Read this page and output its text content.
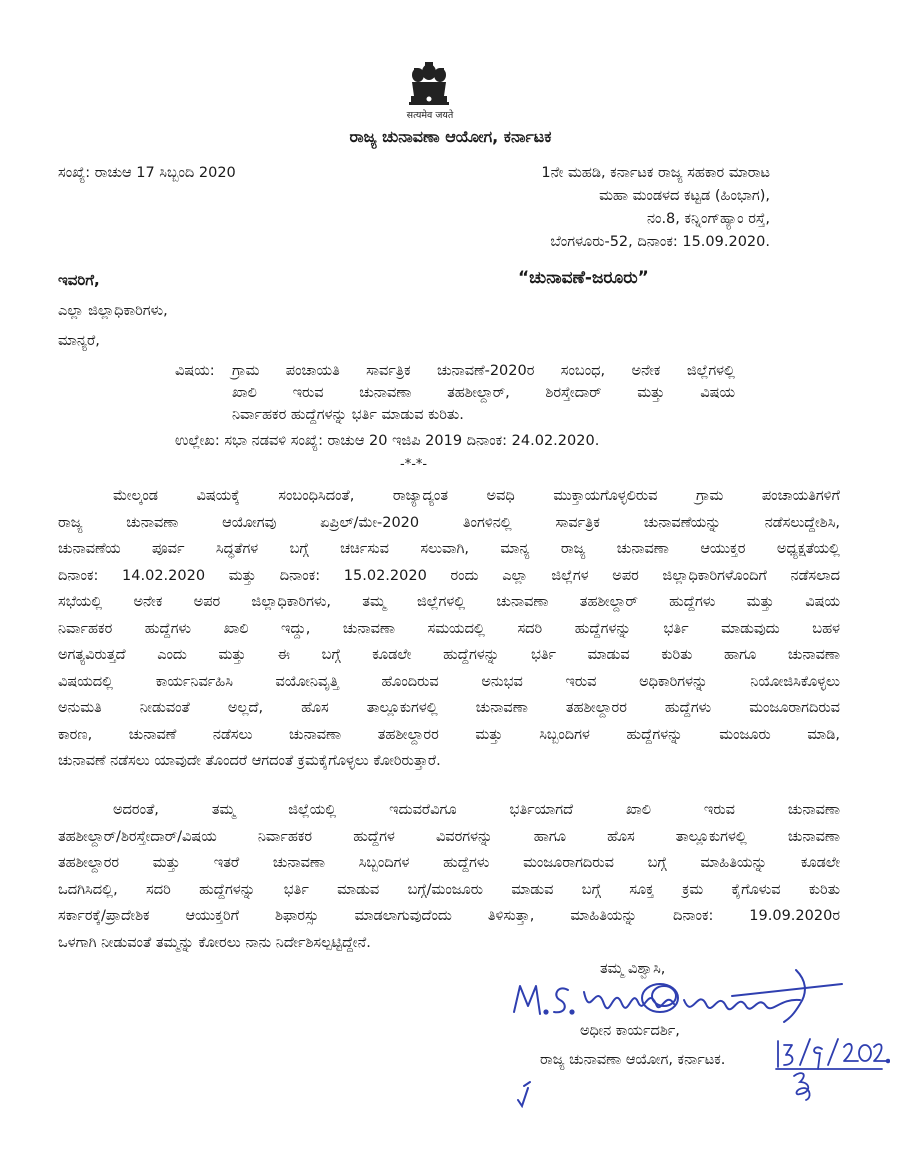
सत्यमेव जयते
ರಾಜ್ಯ ಚುನಾವಣಾ ಆಯೋಗ, ಕರ್ನಾಟಕ
ಸಂಖ್ಯೆ: ರಾಚುಆ 17 ಸಿಬ್ಬಂದಿ 2020	1ನೇ ಮಹಡಿ, ಕರ್ನಾಟಕ ರಾಜ್ಯ ಸಹಕಾರ ಮಾರಾಟ
ಮಹಾ ಮಂಡಳದ ಕಟ್ಟಡ (ಹಿಂಭಾಗ),
ನಂ.8, ಕನ್ನಿಂಗ್‌ಹ್ಯಾಂ ರಸ್ತೆ,
ಬೆಂಗಳೂರು-52, ದಿನಾಂಕ: 15.09.2020.
ಇವರಿಗೆ,	“ಚುನಾವಣೆ-ಜರೂರು”
ಎಲ್ಲಾ ಜಿಲ್ಲಾಧಿಕಾರಿಗಳು,
ಮಾನ್ಯರೆ,
ವಿಷಯ:	ಗ್ರಾಮ ಪಂಚಾಯತಿ ಸಾರ್ವತ್ರಿಕ ಚುನಾವಣೆ-2020ರ ಸಂಬಂಧ, ಅನೇಕ ಜಿಲ್ಲೆಗಳಲ್ಲಿ
ಖಾಲಿ ಇರುವ ಚುನಾವಣಾ ತಹಶೀಲ್ದಾರ್, ಶಿರಸ್ತೇದಾರ್ ಮತ್ತು ವಿಷಯ
ನಿರ್ವಾಹಕರ ಹುದ್ದೆಗಳನ್ನು ಭರ್ತಿ ಮಾಡುವ ಕುರಿತು.
ಉಲ್ಲೇಖ: ಸಭಾ ನಡವಳಿ ಸಂಖ್ಯೆ: ರಾಚುಆ 20 ಇಜಿಪಿ 2019 ದಿನಾಂಕ: 24.02.2020.
-*-*-
ಮೇಲ್ಕಂಡ ವಿಷಯಕ್ಕೆ ಸಂಬಂಧಿಸಿದಂತೆ, ರಾಜ್ಯಾದ್ಯಂತ ಅವಧಿ ಮುಕ್ತಾಯಗೊಳ್ಳಲಿರುವ ಗ್ರಾಮ ಪಂಚಾಯತಿಗಳಿಗೆ
ರಾಜ್ಯ ಚುನಾವಣಾ ಆಯೋಗವು ಏಪ್ರಿಲ್/ಮೇ-2020 ತಿಂಗಳಿನಲ್ಲಿ ಸಾರ್ವತ್ರಿಕ ಚುನಾವಣೆಯನ್ನು ನಡೆಸಲುದ್ದೇಶಿಸಿ,
ಚುನಾವಣೆಯ ಪೂರ್ವ ಸಿದ್ಧತೆಗಳ ಬಗ್ಗೆ ಚರ್ಚಿಸುವ ಸಲುವಾಗಿ, ಮಾನ್ಯ ರಾಜ್ಯ ಚುನಾವಣಾ ಆಯುಕ್ತರ ಅಧ್ಯಕ್ಷತೆಯಲ್ಲಿ
ದಿನಾಂಕ: 14.02.2020 ಮತ್ತು ದಿನಾಂಕ: 15.02.2020 ರಂದು ಎಲ್ಲಾ ಜಿಲ್ಲೆಗಳ ಅಪರ ಜಿಲ್ಲಾಧಿಕಾರಿಗಳೊಂದಿಗೆ ನಡೆಸಲಾದ
ಸಭೆಯಲ್ಲಿ ಅನೇಕ ಅಪರ ಜಿಲ್ಲಾಧಿಕಾರಿಗಳು, ತಮ್ಮ ಜಿಲ್ಲೆಗಳಲ್ಲಿ ಚುನಾವಣಾ ತಹಶೀಲ್ದಾರ್ ಹುದ್ದೆಗಳು ಮತ್ತು ವಿಷಯ
ನಿರ್ವಾಹಕರ ಹುದ್ದೆಗಳು ಖಾಲಿ ಇದ್ದು, ಚುನಾವಣಾ ಸಮಯದಲ್ಲಿ ಸದರಿ ಹುದ್ದೆಗಳನ್ನು ಭರ್ತಿ ಮಾಡುವುದು ಬಹಳ
ಅಗತ್ಯವಿರುತ್ತದೆ ಎಂದು ಮತ್ತು ಈ ಬಗ್ಗೆ ಕೂಡಲೇ ಹುದ್ದೆಗಳನ್ನು ಭರ್ತಿ ಮಾಡುವ ಕುರಿತು ಹಾಗೂ ಚುನಾವಣಾ
ವಿಷಯದಲ್ಲಿ ಕಾರ್ಯನಿರ್ವಹಿಸಿ ವಯೋನಿವೃತ್ತಿ ಹೊಂದಿರುವ ಅನುಭವ ಇರುವ ಅಧಿಕಾರಿಗಳನ್ನು ನಿಯೋಜಿಸಿಕೊಳ್ಳಲು
ಅನುಮತಿ ನೀಡುವಂತೆ ಅಲ್ಲದೆ, ಹೊಸ ತಾಲ್ಲೂಕುಗಳಲ್ಲಿ ಚುನಾವಣಾ ತಹಶೀಲ್ದಾರರ ಹುದ್ದೆಗಳು ಮಂಜೂರಾಗದಿರುವ
ಕಾರಣ, ಚುನಾವಣೆ ನಡೆಸಲು ಚುನಾವಣಾ ತಹಶೀಲ್ದಾರರ ಮತ್ತು ಸಿಬ್ಬಂದಿಗಳ ಹುದ್ದೆಗಳನ್ನು ಮಂಜೂರು ಮಾಡಿ,
ಚುನಾವಣೆ ನಡೆಸಲು ಯಾವುದೇ ತೊಂದರೆ ಆಗದಂತೆ ಕ್ರಮಕೈಗೊಳ್ಳಲು ಕೋರಿರುತ್ತಾರೆ.
ಅದರಂತೆ, ತಮ್ಮ ಜಿಲ್ಲೆಯಲ್ಲಿ ಇದುವರೆವಿಗೂ ಭರ್ತಿಯಾಗದೆ ಖಾಲಿ ಇರುವ ಚುನಾವಣಾ
ತಹಶೀಲ್ದಾರ್/ಶಿರಸ್ತೇದಾರ್/ವಿಷಯ ನಿರ್ವಾಹಕರ ಹುದ್ದೆಗಳ ವಿವರಗಳನ್ನು ಹಾಗೂ ಹೊಸ ತಾಲ್ಲೂಕುಗಳಲ್ಲಿ ಚುನಾವಣಾ
ತಹಶೀಲ್ದಾರರ ಮತ್ತು ಇತರೆ ಚುನಾವಣಾ ಸಿಬ್ಬಂದಿಗಳ ಹುದ್ದೆಗಳು ಮಂಜೂರಾಗದಿರುವ ಬಗ್ಗೆ ಮಾಹಿತಿಯನ್ನು ಕೂಡಲೇ
ಒದಗಿಸಿದಲ್ಲಿ, ಸದರಿ ಹುದ್ದೆಗಳನ್ನು ಭರ್ತಿ ಮಾಡುವ ಬಗ್ಗೆ/ಮಂಜೂರು ಮಾಡುವ ಬಗ್ಗೆ ಸೂಕ್ತ ಕ್ರಮ ಕೈಗೊಳುವ ಕುರಿತು
ಸರ್ಕಾರಕ್ಕೆ/ಪ್ರಾದೇಶಿಕ ಆಯುಕ್ತರಿಗೆ ಶಿಫಾರಸ್ಸು ಮಾಡಲಾಗುವುದೆಂದು ತಿಳಿಸುತ್ತಾ, ಮಾಹಿತಿಯನ್ನು ದಿನಾಂಕ: 19.09.2020ರ
ಒಳಗಾಗಿ ನೀಡುವಂತೆ ತಮ್ಮನ್ನು ಕೋರಲು ನಾನು ನಿರ್ದೇಶಿಸಲ್ಪಟ್ಟಿದ್ದೇನೆ.
ತಮ್ಮ ವಿಶ್ವಾಸಿ,
ಅಧೀನ ಕಾರ್ಯದರ್ಶಿ,
ರಾಜ್ಯ ಚುನಾವಣಾ ಆಯೋಗ, ಕರ್ನಾಟಕ.
